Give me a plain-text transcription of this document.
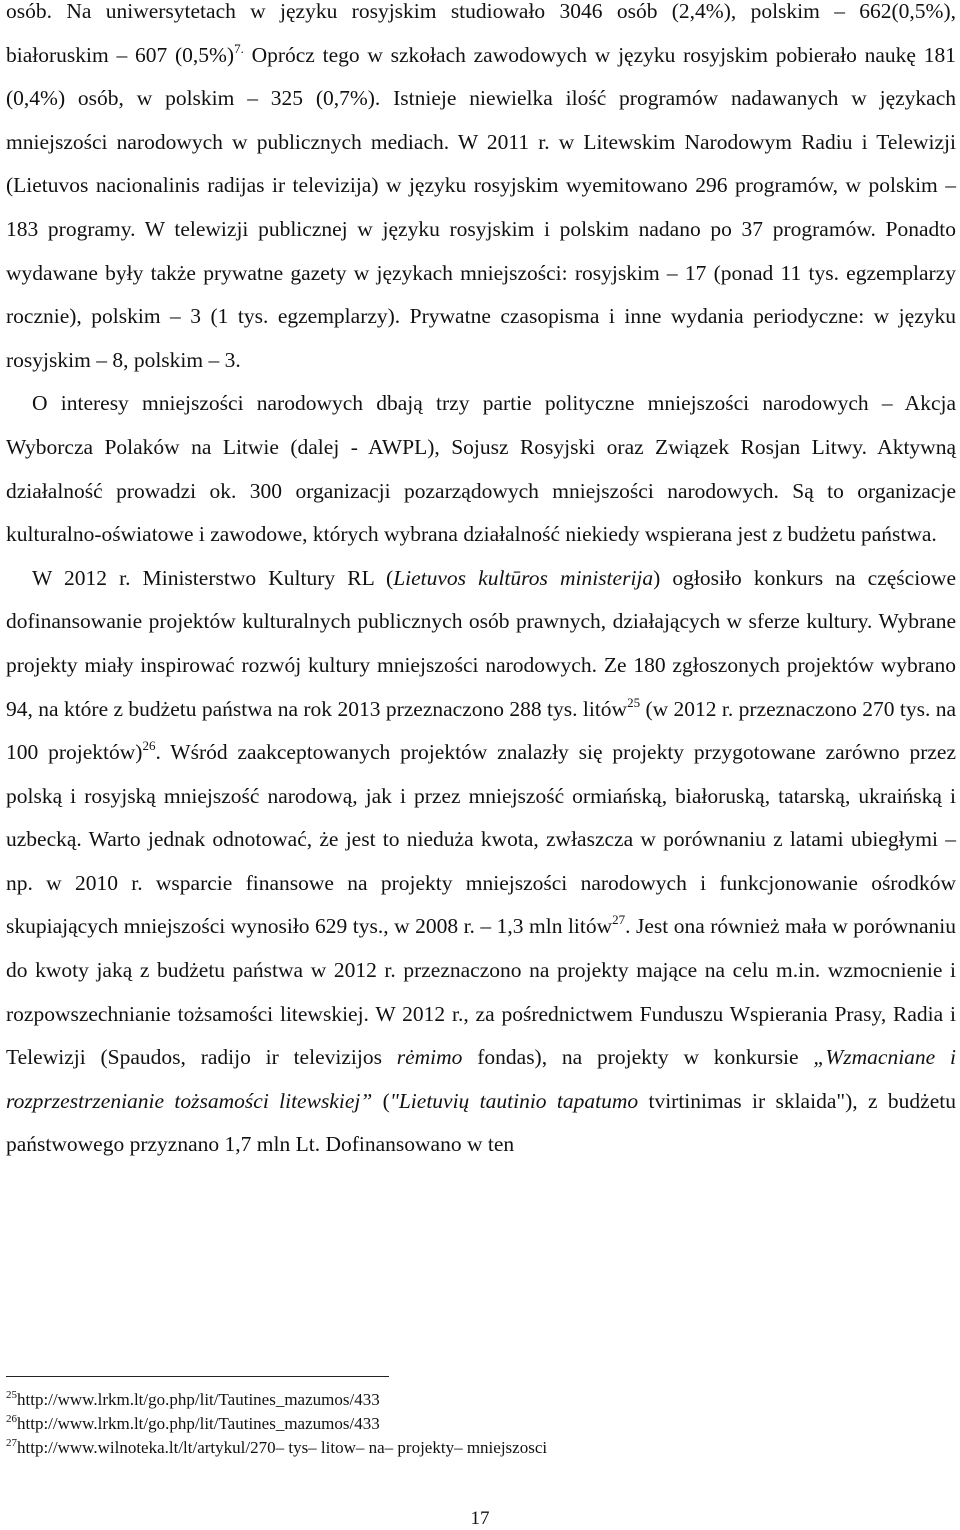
osób. Na uniwersytetach w języku rosyjskim studiowało 3046 osób (2,4%), polskim – 662(0,5%), białoruskim – 607 $(0,5\%)^{7.}$ Oprócz tego w szkołach zawodowych w języku rosyjskim pobierało naukę 181 (0,4%) osób, w polskim – 325 (0,7%). Istnieje niewielka ilość programów nadawanych w językach mniejszości narodowych w publicznych mediach. W 2011 r. w Litewskim Narodowym Radiu i Telewizji (Lietuvos nacionalinis radijas ir televizija) w języku rosyjskim wyemitowano 296 programów, w polskim – 183 programy. W telewizji publicznej w języku rosyjskim i polskim nadano po 37 programów. Ponadto wydawane były także prywatne gazety w językach mniejszości: rosyjskim – 17 (ponad 11 tys. egzemplarzy rocznie), polskim – 3 (1 tys. egzemplarzy). Prywatne czasopisma i inne wydania periodyczne: w języku rosyjskim – 8, polskim – 3.

O interesy mniejszości narodowych dbają trzy partie polityczne mniejszości narodowych – Akcja Wyborcza Polaków na Litwie (dalej - AWPL), Sojusz Rosyjski oraz Związek Rosjan Litwy. Aktywną działalność prowadzi ok. 300 organizacji pozarządowych mniejszości narodowych. Są to organizacje kulturalno-oświatowe i zawodowe, których wybrana działalność niekiedy wspierana jest z budżetu państwa.

W 2012 r. Ministerstwo Kultury RL (Lietuvos kultūros ministerija) ogłosiło konkurs na częściowe dofinansowanie projektów kulturalnych publicznych osób prawnych, działających w sferze kultury. Wybrane projekty miały inspirować rozwój kultury mniejszości narodowych. Ze 180 zgłoszonych projektów wybrano 94, na które z budżetu państwa na rok 2013 przeznaczono 288 tys. litów$^{25}$ (w 2012 r. przeznaczono 270 tys. na 100 projektów)$^{26}$. Wśród zaakceptowanych projektów znalazły się projekty przygotowane zarówno przez polską i rosyjską mniejszość narodową, jak i przez mniejszość ormiańską, białoruską, tatarską, ukraińską i uzbecką. Warto jednak odnotować, że jest to nieduża kwota, zwłaszcza w porównaniu z latami ubiegłymi – np. w 2010 r. wsparcie finansowe na projekty mniejszości narodowych i funkcjonowanie ośrodków skupiających mniejszości wynosiło 629 tys., w 2008 r. – 1,3 mln litów$^{27}$. Jest ona również mała w porównaniu do kwoty jaką z budżetu państwa w 2012 r. przeznaczono na projekty mające na celu m.in. wzmocnienie i rozpowszechnianie tożsamości litewskiej. W 2012 r., za pośrednictwem Funduszu Wspierania Prasy, Radia i Telewizji (Spaudos, radijo ir televizijos rėmimo fondas), na projekty w konkursie „Wzmacniane i rozprzestrzenianie tożsamości litewskiej” ("Lietuvių tautinio tapatumo tvirtinimas ir sklaida"), z budżetu państwowego przyznano 1,7 mln Lt. Dofinansowano w ten

$^{25}$http://www.lrkm.lt/go.php/lit/Tautines_mazumos/433

$^{26}$http://www.lrkm.lt/go.php/lit/Tautines_mazumos/433

$^{27}$http://www.wilnoteka.lt/lt/artykul/270– tys– litow– na– projekty– mniejszosci

17
